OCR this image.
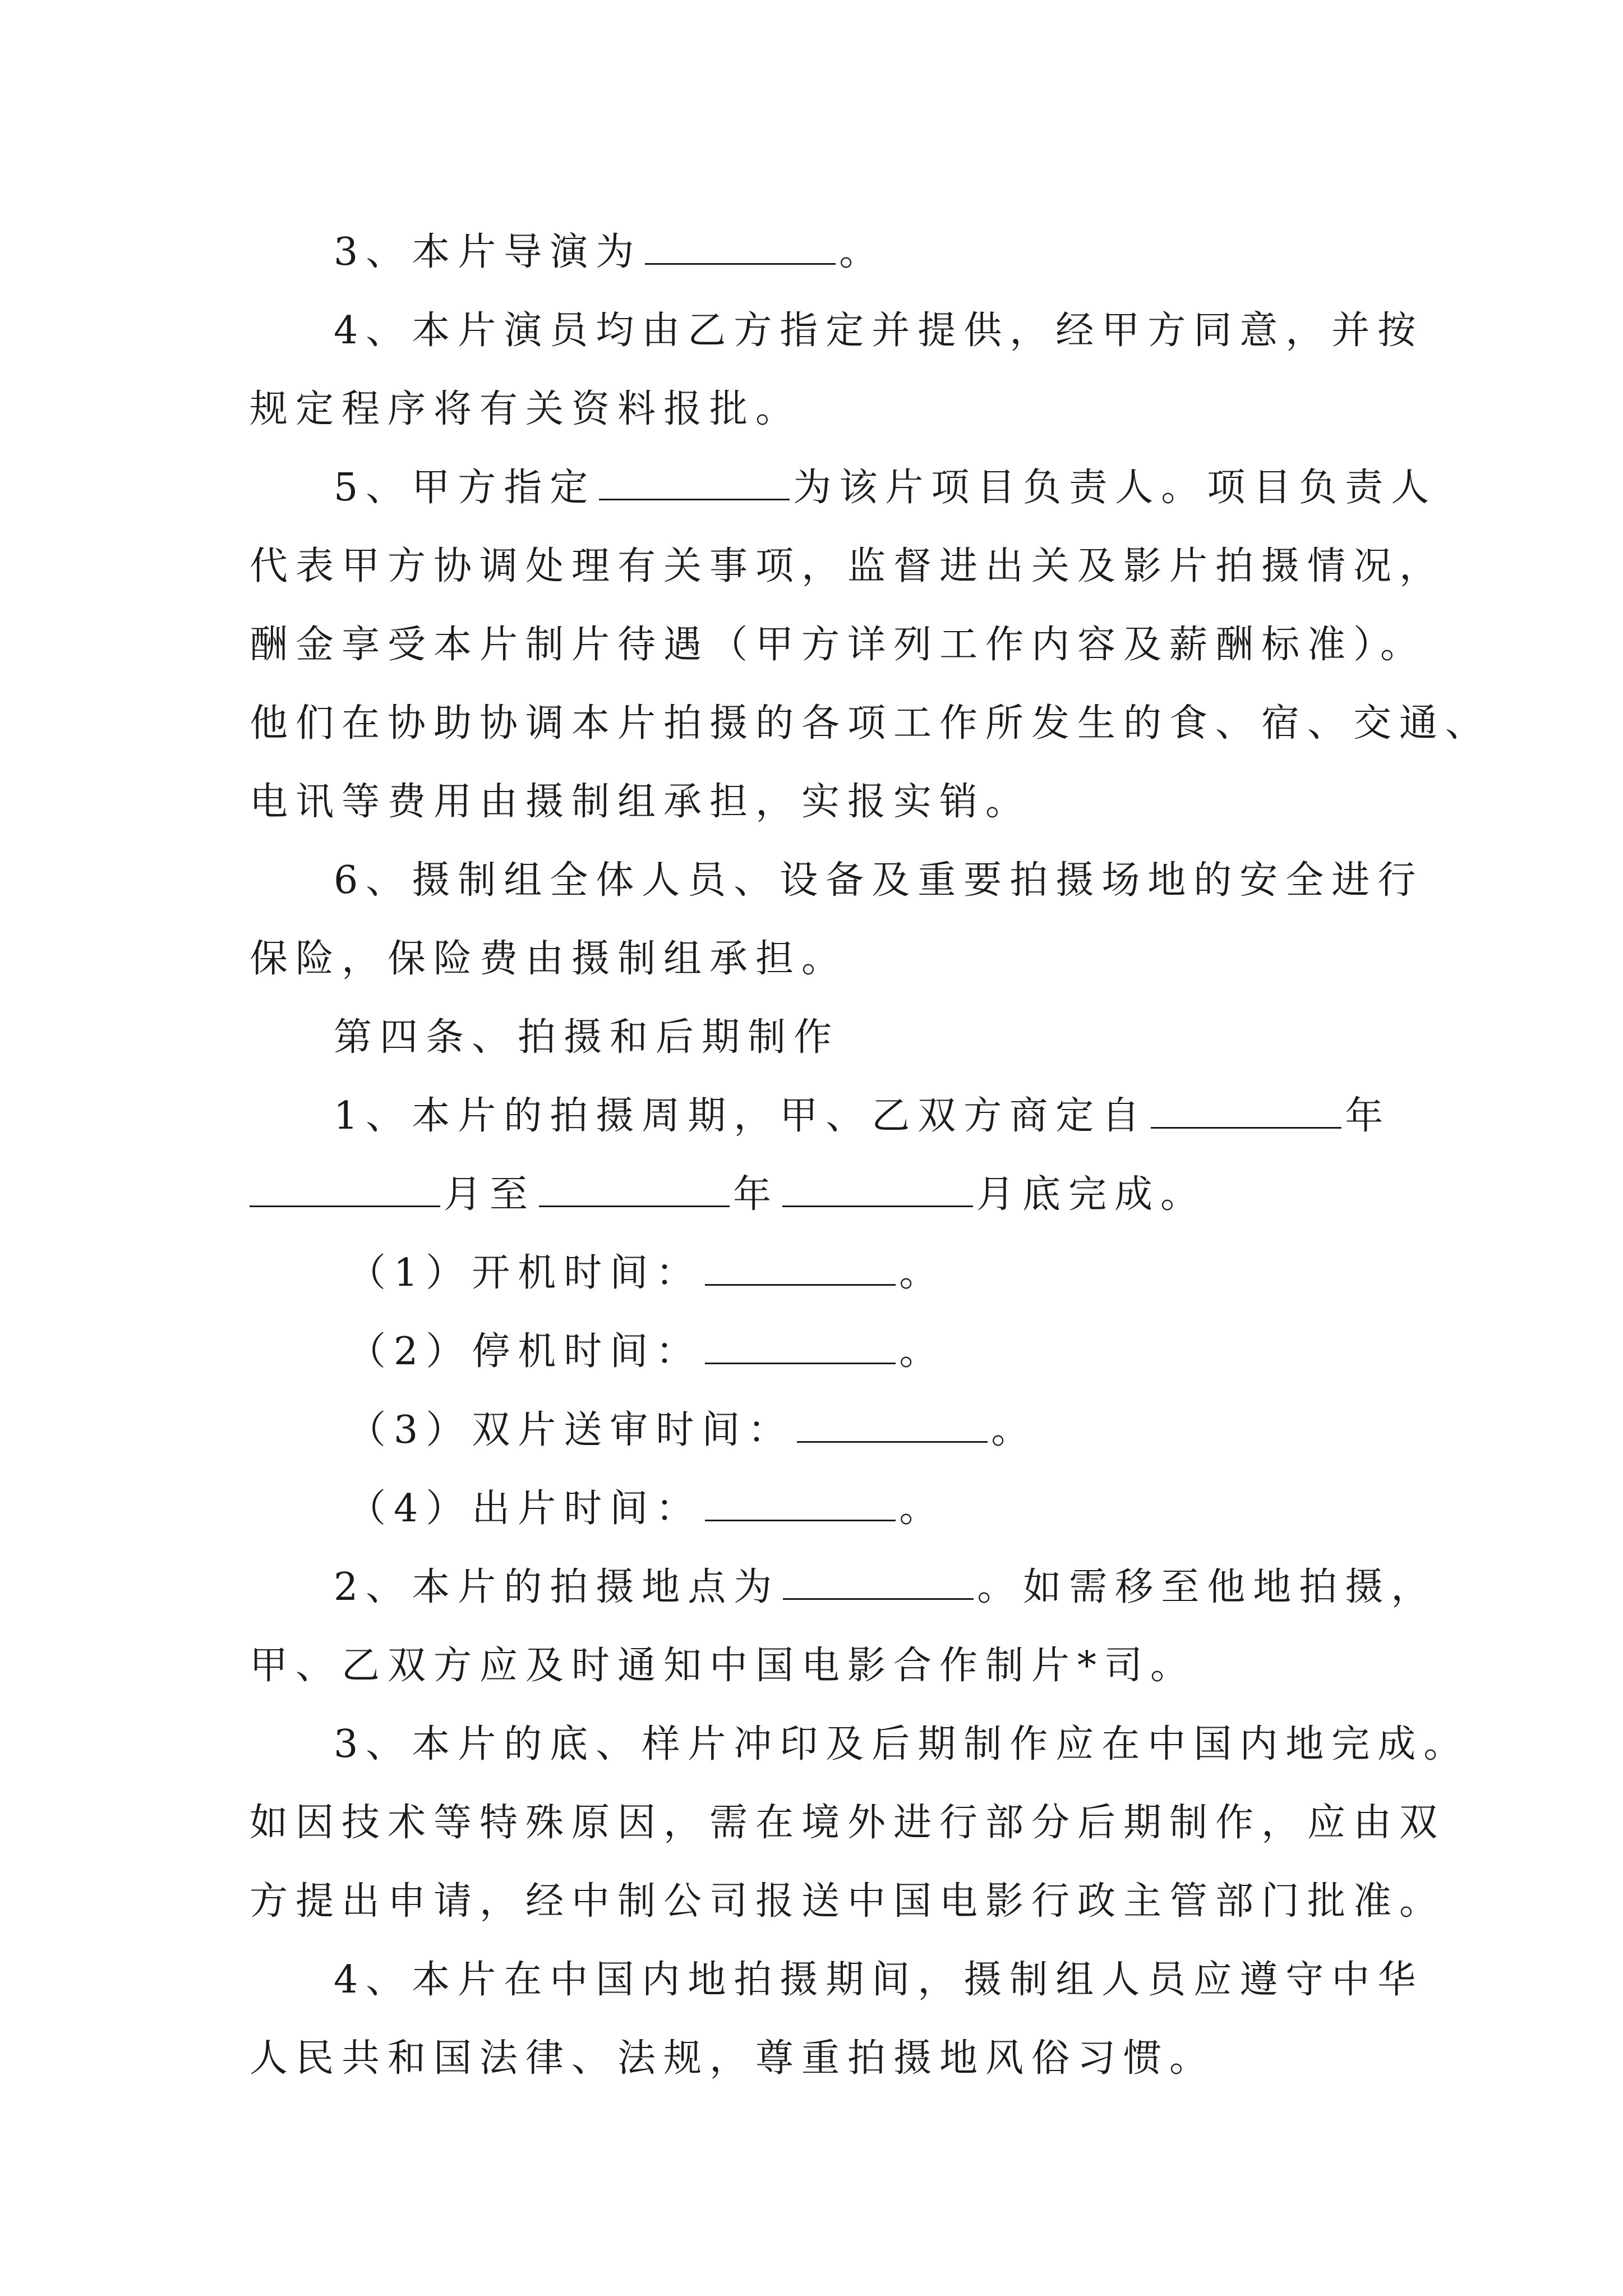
3、本片导演为	。
4、本片演员均由乙方指定并提供，经甲方同意，并按
规定程序将有关资料报批。
5、甲方指定	为该片项目负责人。项目负责人
代表甲方协调处理有关事项，监督进出关及影片拍摄情况，
酬金享受本片制片待遇（甲方详列工作内容及薪酬标准）。
他们在协助协调本片拍摄的各项工作所发生的食、宿、交通、
电讯等费用由摄制组承担，实报实销。
6、摄制组全体人员、设备及重要拍摄场地的安全进行
保险，保险费由摄制组承担。
第四条、拍摄和后期制作
1、本片的拍摄周期，甲、乙双方商定自	年
月至	年	月底完成。
（1）开机时间：	。
（2）停机时间：	。
（3）双片送审时间：	。
（4）出片时间：	。
2、本片的拍摄地点为	。如需移至他地拍摄，
甲、乙双方应及时通知中国电影合作制片*司。
3、本片的底、样片冲印及后期制作应在中国内地完成。
如因技术等特殊原因，需在境外进行部分后期制作，应由双
方提出申请，经中制公司报送中国电影行政主管部门批准。
4、本片在中国内地拍摄期间，摄制组人员应遵守中华
人民共和国法律、法规，尊重拍摄地风俗习惯。
